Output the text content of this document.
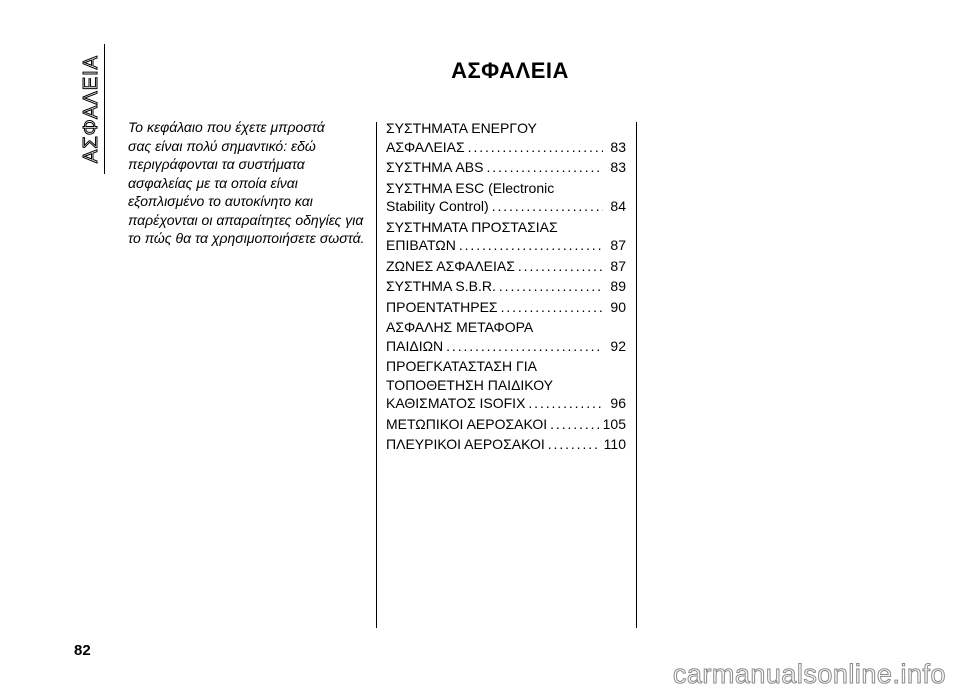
ΑΣΦΑΛΕΙΑ	ΑΣΦΑΛΕΙΑ
Το κεφάλαιο που έχετε μπροστά
σας είναι πολύ σημαντικό: εδώ
περιγράφονται τα συστήματα
ασφαλείας με τα οποία είναι
εξοπλισμένο το αυτοκίνητο και
παρέχονται οι απαραίτητες οδηγίες για
το πώς θα τα χρησιμοποιήσετε σωστά.
ΣΥΣΤΗΜΑΤΑ ΕΝΕΡΓΟΥ
ΑΣΦΑΛΕΙΑΣ . . .	83
ΣΥΣΤΗΜΑ ABS . . .	83
ΣΥΣΤΗΜΑ ESC (Electronic
Stability Control) . . .	84
ΣΥΣΤΗΜΑΤΑ ΠΡΟΣΤΑΣΙΑΣ
ΕΠΙΒΑΤΩΝ . . .	87
ΖΩΝΕΣ ΑΣΦΑΛΕΙΑΣ . . .	87
ΣΥΣΤΗΜΑ S.B.R. . . .	89
ΠΡΟΕΝΤΑΤΗΡΕΣ . . .	90
ΑΣΦΑΛΗΣ ΜΕΤΑΦΟΡΑ
ΠΑΙΔΙΩΝ . . .	92
ΠΡΟΕΓΚΑΤΑΣΤΑΣΗ ΓΙΑ
ΤΟΠΟΘΕΤΗΣΗ ΠΑΙΔΙΚΟΥ
ΚΑΘΙΣΜΑΤΟΣ ISOFIX . . .	96
ΜΕΤΩΠΙΚΟΙ ΑΕΡΟΣΑΚΟΙ . . .	105
ΠΛΕΥΡΙΚΟΙ ΑΕΡΟΣΑΚΟΙ . . .	110
82
carmanualsonline.info
